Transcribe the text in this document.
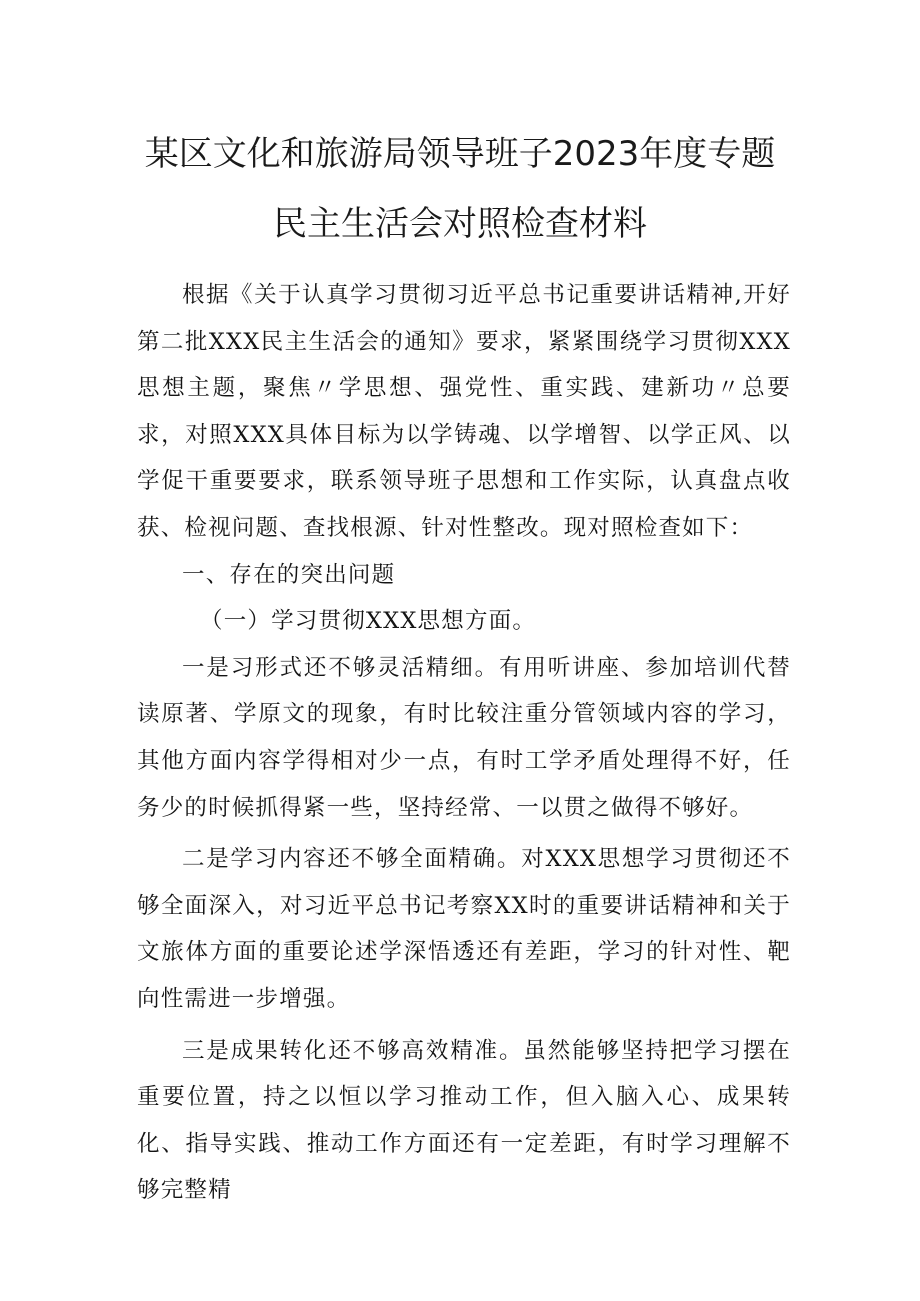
某区文化和旅游局领导班子2023年度专题
民主生活会对照检查材料

根据《关于认真学习贯彻习近平总书记重要讲话精神,开好第二批XXX民主生活会的通知》要求，紧紧围绕学习贯彻XXX思想主题，聚焦〃学思想、强党性、重实践、建新功〃总要求，对照XXX具体目标为以学铸魂、以学增智、以学正风、以学促干重要要求，联系领导班子思想和工作实际，认真盘点收获、检视问题、查找根源、针对性整改。现对照检查如下：

一、存在的突出问题

（一）学习贯彻XXX思想方面。

一是习形式还不够灵活精细。有用听讲座、参加培训代替读原著、学原文的现象，有时比较注重分管领域内容的学习，其他方面内容学得相对少一点，有时工学矛盾处理得不好，任务少的时候抓得紧一些，坚持经常、一以贯之做得不够好。

二是学习内容还不够全面精确。对XXX思想学习贯彻还不够全面深入，对习近平总书记考察XX时的重要讲话精神和关于文旅体方面的重要论述学深悟透还有差距，学习的针对性、靶向性需进一步增强。

三是成果转化还不够高效精准。虽然能够坚持把学习摆在重要位置，持之以恒以学习推动工作，但入脑入心、成果转化、指导实践、推动工作方面还有一定差距，有时学习理解不够完整精
